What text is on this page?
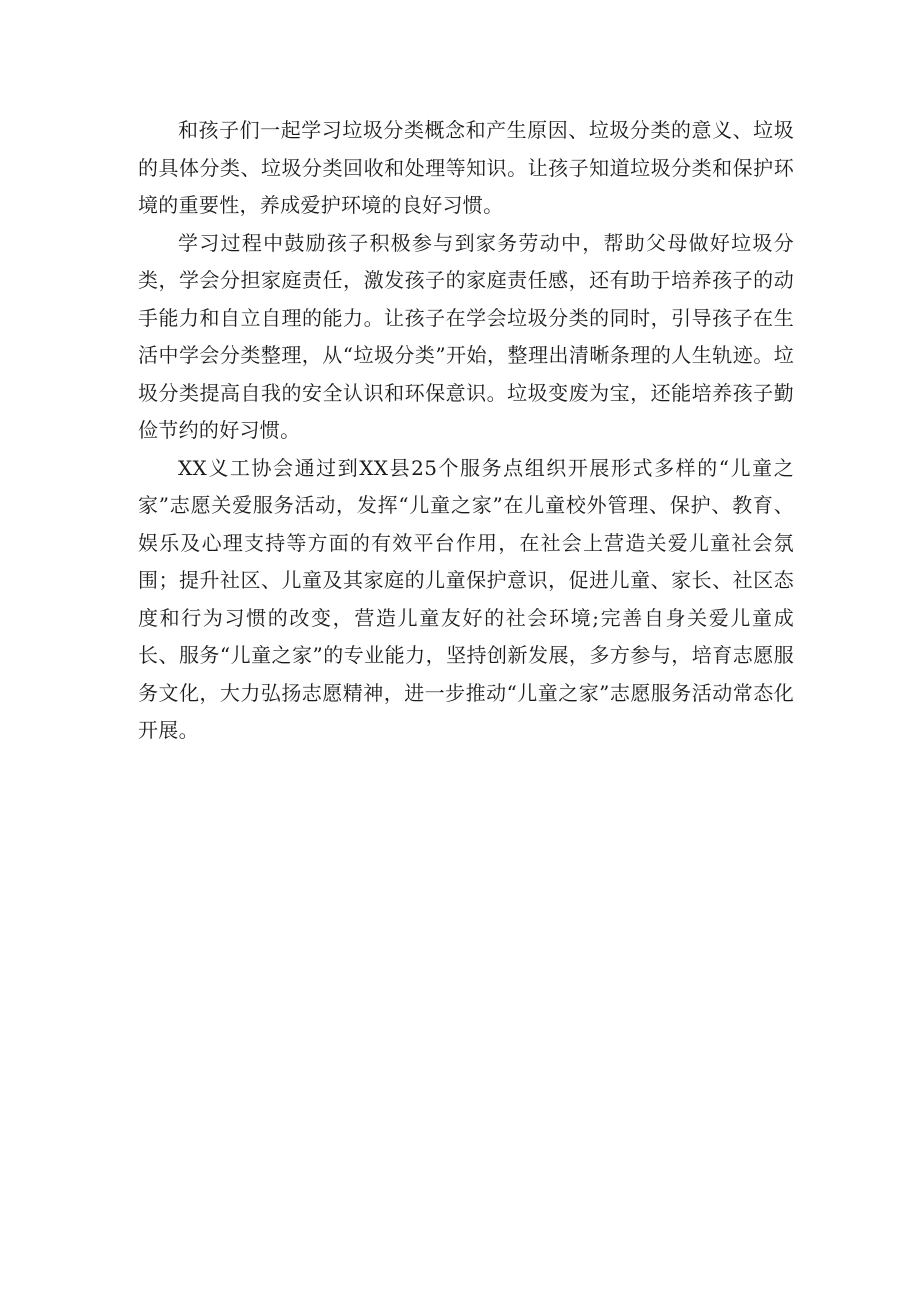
和孩子们一起学习垃圾分类概念和产生原因、垃圾分类的意义、垃圾的具体分类、垃圾分类回收和处理等知识。让孩子知道垃圾分类和保护环境的重要性，养成爱护环境的良好习惯。

学习过程中鼓励孩子积极参与到家务劳动中，帮助父母做好垃圾分类，学会分担家庭责任，激发孩子的家庭责任感，还有助于培养孩子的动手能力和自立自理的能力。让孩子在学会垃圾分类的同时，引导孩子在生活中学会分类整理，从“垃圾分类”开始，整理出清晰条理的人生轨迹。垃圾分类提高自我的安全认识和环保意识。垃圾变废为宝，还能培养孩子勤俭节约的好习惯。

XX义工协会通过到XX县25个服务点组织开展形式多样的“儿童之家”志愿关爱服务活动，发挥“儿童之家”在儿童校外管理、保护、教育、娱乐及心理支持等方面的有效平台作用，在社会上营造关爱儿童社会氛围；提升社区、儿童及其家庭的儿童保护意识，促进儿童、家长、社区态度和行为习惯的改变，营造儿童友好的社会环境;完善自身关爱儿童成长、服务“儿童之家”的专业能力，坚持创新发展，多方参与，培育志愿服务文化，大力弘扬志愿精神，进一步推动“儿童之家”志愿服务活动常态化开展。
